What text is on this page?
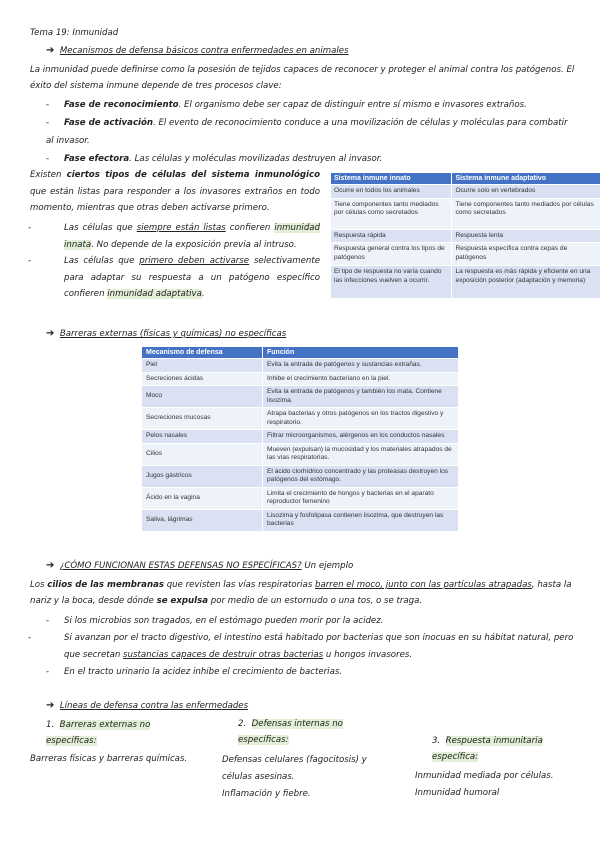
Tema 19: Inmunidad
➔ Mecanismos de defensa básicos contra enfermedades en animales
La inmunidad puede definirse como la posesión de tejidos capaces de reconocer y proteger el animal contra los patógenos. El éxito del sistema inmune depende de tres procesos clave:
- Fase de reconocimiento. El organismo debe ser capaz de distinguir entre sí mismo e invasores extraños.
- Fase de activación. El evento de reconocimiento conduce a una movilización de células y moléculas para combatir al invasor.
- Fase efectora. Las células y moléculas movilizadas destruyen al invasor.
Existen ciertos tipos de células del sistema inmunológico que están listas para responder a los invasores extraños en todo momento, mientras que otras deben activarse primero.
-	Las células que siempre están listas confieren inmunidad innata. No depende de la exposición previa al intruso.
-	Las células que primero deben activarse selectivamente para adaptar su respuesta a un patógeno específico confieren inmunidad adaptativa.
Sistema inmune innato	Sistema inmune adaptativo
Ocurre en todos los animales	Ocurre solo en vertebrados
Tiene componentes tanto mediados por células como secretados	Tiene componentes tanto mediados por células como secretados
Respuesta rápida	Respuesta lenta
Respuesta general contra los tipos de patógenos	Respuesta específica contra cepas de patógenos
El tipo de respuesta no varía cuando las infecciones vuelven a ocurrir.	La respuesta es más rápida y eficiente en una exposición posterior (adaptación y memoria)
➔ Barreras externas (físicas y químicas) no específicas
Mecanismo de defensa	Función
Piel	Evita la entrada de patógenos y sustancias extrañas.
Secreciones ácidas	Inhibe el crecimiento bacteriano en la piel.
Moco	Evita la entrada de patógenos y también los mata. Contiene lisozima.
Secreciones mucosas	Atrapa bacterias y otros patógenos en los tractos digestivo y respiratorio.
Pelos nasales	Filtrar microorganismos, alérgenos en los conductos nasales
Cilios	Mueven (expulsan) la mucosidad y los materiales atrapados de las vías respiratorias.
Jugos gástricos	El ácido clorhídrico concentrado y las proteasas destruyen los patógenos del estómago.
Ácido en la vagina	Limita el crecimiento de hongos y bacterias en el aparato reproductor femenino
Saliva, lágrimas	Lisozima y fosfolipasa contienen lisozima, que destruyen las bacterias
➔ ¿CÓMO FUNCIONAN ESTAS DEFENSAS NO ESPECÍFICAS? Un ejemplo
Los cilios de las membranas que revisten las vías respiratorias barren el moco, junto con las partículas atrapadas, hasta la nariz y la boca, desde dónde se expulsa por medio de un estornudo o una tos, o se traga.
- Si los microbios son tragados, en el estómago pueden morir por la acidez.
-	Si avanzan por el tracto digestivo, el intestino está habitado por bacterias que son inocuas en su hábitat natural, pero que secretan sustancias capaces de destruir otras bacterias u hongos invasores.
- En el tracto urinario la acidez inhibe el crecimiento de bacterias.
➔ Líneas de defensa contra las enfermedades
1. Barreras externas no específicas:
Barreras físicas y barreras químicas.
2. Defensas internas no específicas:
Defensas celulares (fagocitosis) y
células asesinas.
Inflamación y fiebre.
3. Respuesta inmunitaria específica:
Inmunidad mediada por células.
Inmunidad humoral
